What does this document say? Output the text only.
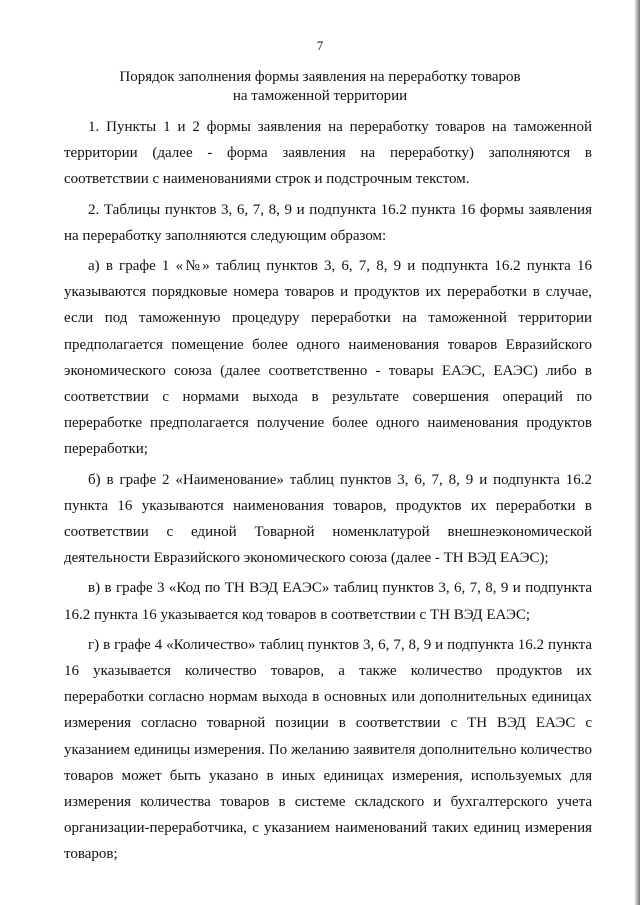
7
Порядок заполнения формы заявления на переработку товаров
на таможенной территории

1. Пункты 1 и 2 формы заявления на переработку товаров на таможенной территории (далее - форма заявления на переработку) заполняются в соответствии с наименованиями строк и подстрочным текстом.

2. Таблицы пунктов 3, 6, 7, 8, 9 и подпункта 16.2 пункта 16 формы заявления на переработку заполняются следующим образом:

а) в графе 1 «№» таблиц пунктов 3, 6, 7, 8, 9 и подпункта 16.2 пункта 16 указываются порядковые номера товаров и продуктов их переработки в случае, если под таможенную процедуру переработки на таможенной территории предполагается помещение более одного наименования товаров Евразийского экономического союза (далее соответственно - товары ЕАЭС, ЕАЭС) либо в соответствии с нормами выхода в результате совершения операций по переработке предполагается получение более одного наименования продуктов переработки;

б) в графе 2 «Наименование» таблиц пунктов 3, 6, 7, 8, 9 и подпункта 16.2 пункта 16 указываются наименования товаров, продуктов их переработки в соответствии с единой Товарной номенклатурой внешнеэкономической деятельности Евразийского экономического союза (далее - ТН ВЭД ЕАЭС);

в) в графе 3 «Код по ТН ВЭД ЕАЭС» таблиц пунктов 3, 6, 7, 8, 9 и подпункта 16.2 пункта 16 указывается код товаров в соответствии с ТН ВЭД ЕАЭС;

г) в графе 4 «Количество» таблиц пунктов 3, 6, 7, 8, 9 и подпункта 16.2 пункта 16 указывается количество товаров, а также количество продуктов их переработки согласно нормам выхода в основных или дополнительных единицах измерения согласно товарной позиции в соответствии с ТН ВЭД ЕАЭС с указанием единицы измерения. По желанию заявителя дополнительно количество товаров может быть указано в иных единицах измерения, используемых для измерения количества товаров в системе складского и бухгалтерского учета организации-переработчика, с указанием наименований таких единиц измерения товаров;
